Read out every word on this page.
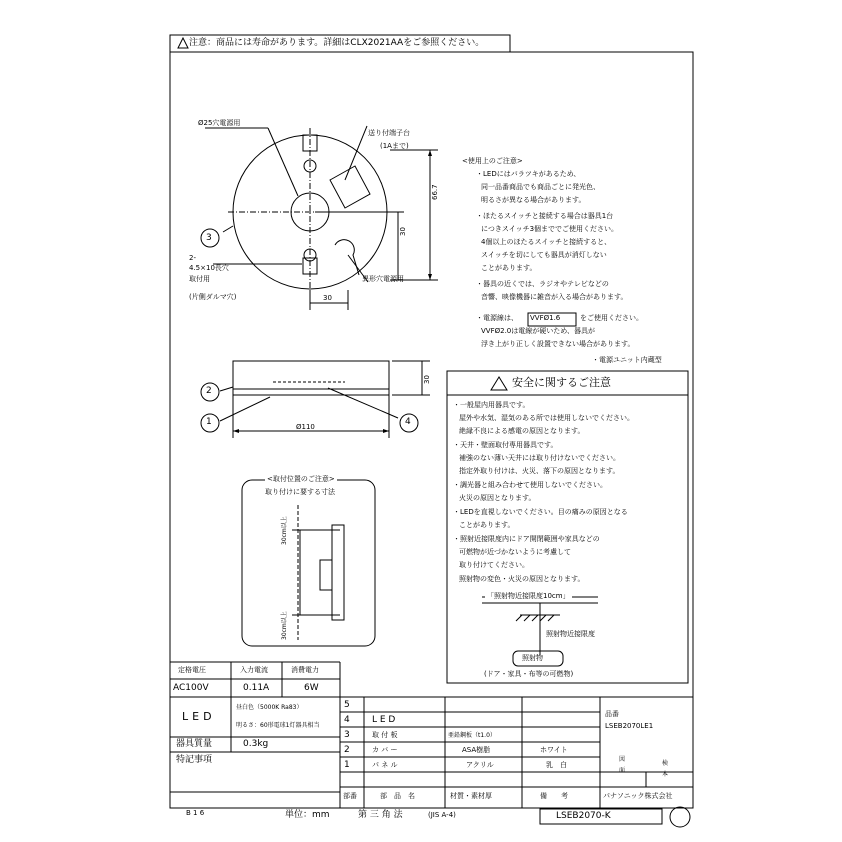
注意：商品には寿命があります。詳細はCLX2021AAをご参照ください。
Ø25穴電源用
送り付端子台
(1Aまで)
66.7
30
30
3
2-
4.5×10長穴
取付用
(片側ダルマ穴)
異形穴電源用
<使用上のご注意>
・LEDにはバラツキがあるため、
同一品番商品でも商品ごとに発光色、
明るさが異なる場合があります。
・ほたるスイッチと接続する場合は器具1台
につきスイッチ3個まででご使用ください。
4個以上のほたるスイッチと接続すると、
スイッチを切にしても器具が消灯しない
ことがあります。
・器具の近くでは、ラジオやテレビなどの
音響、映像機器に雑音が入る場合があります。
・電源線は、 VVFØ1.6	をご使用ください。
VVFØ2.0は電線が硬いため、器具が
浮き上がり正しく設置できない場合があります。
・電源ユニット内蔵型
30
Ø110
2
1	4
<取付位置のご注意>
取り付けに要する寸法
30cm以上
30cm以上
安全に関するご注意
・一般屋内用器具です。
屋外や水気、湿気のある所では使用しないでください。
絶縁不良による感電の原因となります。
・天井・壁面取付専用器具です。
補強のない薄い天井には取り付けないでください。
指定外取り付けは、火災、落下の原因となります。
・調光器と組み合わせて使用しないでください。
火災の原因となります。
・LEDを直視しないでください。目の痛みの原因となる
ことがあります。
・照射近接限度内にドア開閉範囲や家具などの
可燃物が近づかないように考慮して
取り付けてください。
照射物の変色・火災の原因となります。
「照射物近接限度10cm」
照射物近接限度
照射物
(ドア・家具・布等の可燃物)
定格電圧	入力電流	消費電力
AC100V	0.11A	6W
LED
昼白色（5000K Ra83）
明るさ：60形電球1灯器具相当
器具質量	0.3kg
特記事項
5
4 L E D
3	取 付 板	亜鉛鋼板（t1.0）
2	カ バ ー	ASA樹脂	ホワイト
1	パ ネ ル	アクリル	乳　白
部番	部　品　名	材質・素材厚	備　　考
品番
LSEB2070LE1
図
面
検
本
パナソニック株式会社
B 1 6	単位：mm	第 三 角 法	(JIS A-4)	LSEB2070-K
